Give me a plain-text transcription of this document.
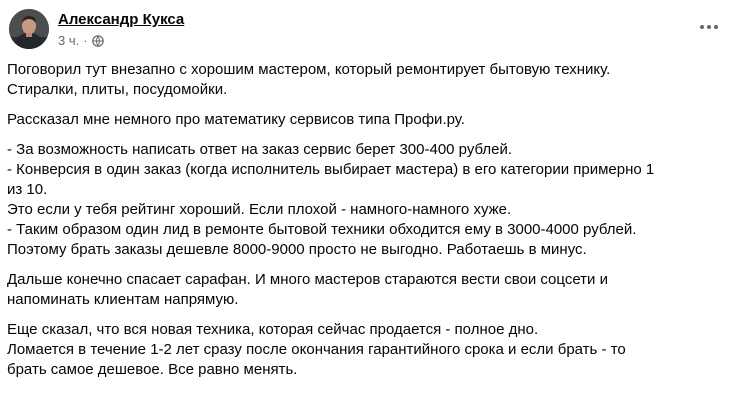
Александр Кукса
3 ч. ·
Поговорил тут внезапно с хорошим мастером, который ремонтирует бытовую технику.
Стиралки, плиты, посудомойки.
Рассказал мне немного про математику сервисов типа Профи.ру.
- За возможность написать ответ на заказ сервис берет 300-400 рублей.
- Конверсия в один заказ (когда исполнитель выбирает мастера) в его категории примерно 1
из 10.
Это если у тебя рейтинг хороший. Если плохой - намного-намного хуже.
- Таким образом один лид в ремонте бытовой техники обходится ему в 3000-4000 рублей.
Поэтому брать заказы дешевле 8000-9000 просто не выгодно. Работаешь в минус.
Дальше конечно спасает сарафан. И много мастеров стараются вести свои соцсети и
напоминать клиентам напрямую.
Еще сказал, что вся новая техника, которая сейчас продается - полное дно.
Ломается в течение 1-2 лет сразу после окончания гарантийного срока и если брать - то
брать самое дешевое. Все равно менять.
